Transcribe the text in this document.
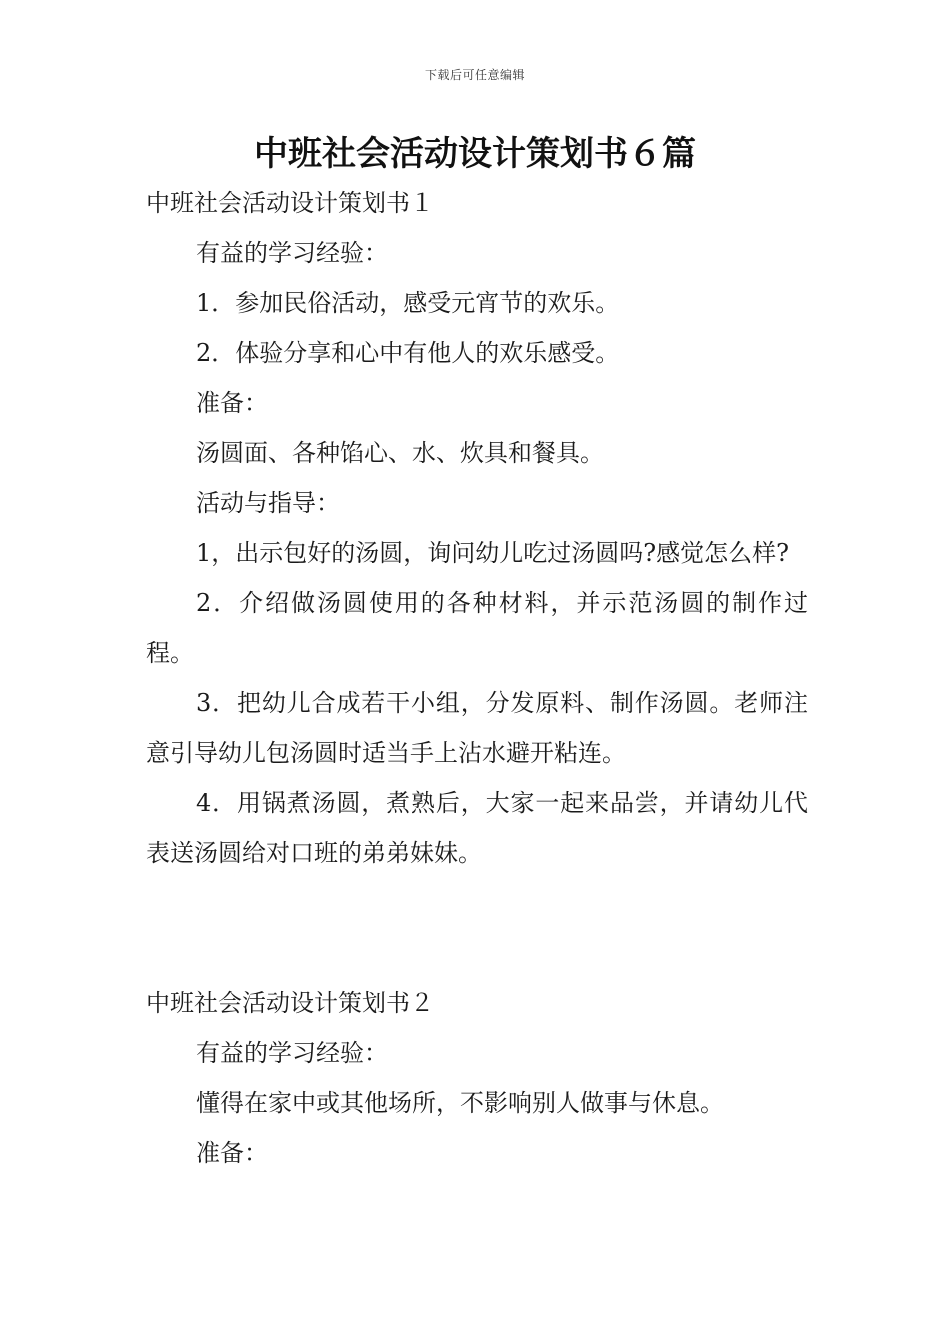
下载后可任意编辑
中班社会活动设计策划书６篇
中班社会活动设计策划书１

有益的学习经验：

1．参加民俗活动，感受元宵节的欢乐。

2．体验分享和心中有他人的欢乐感受。

准备：

汤圆面、各种馅心、水、炊具和餐具。

活动与指导：

1，出示包好的汤圆，询问幼儿吃过汤圆吗?感觉怎么样?

2．介绍做汤圆使用的各种材料，并示范汤圆的制作过程。

3．把幼儿合成若干小组，分发原料、制作汤圆。老师注意引导幼儿包汤圆时适当手上沾水避开粘连。

4．用锅煮汤圆，煮熟后，大家一起来品尝，并请幼儿代表送汤圆给对口班的弟弟妹妹。

中班社会活动设计策划书２

有益的学习经验：

懂得在家中或其他场所，不影响别人做事与休息。

准备：
